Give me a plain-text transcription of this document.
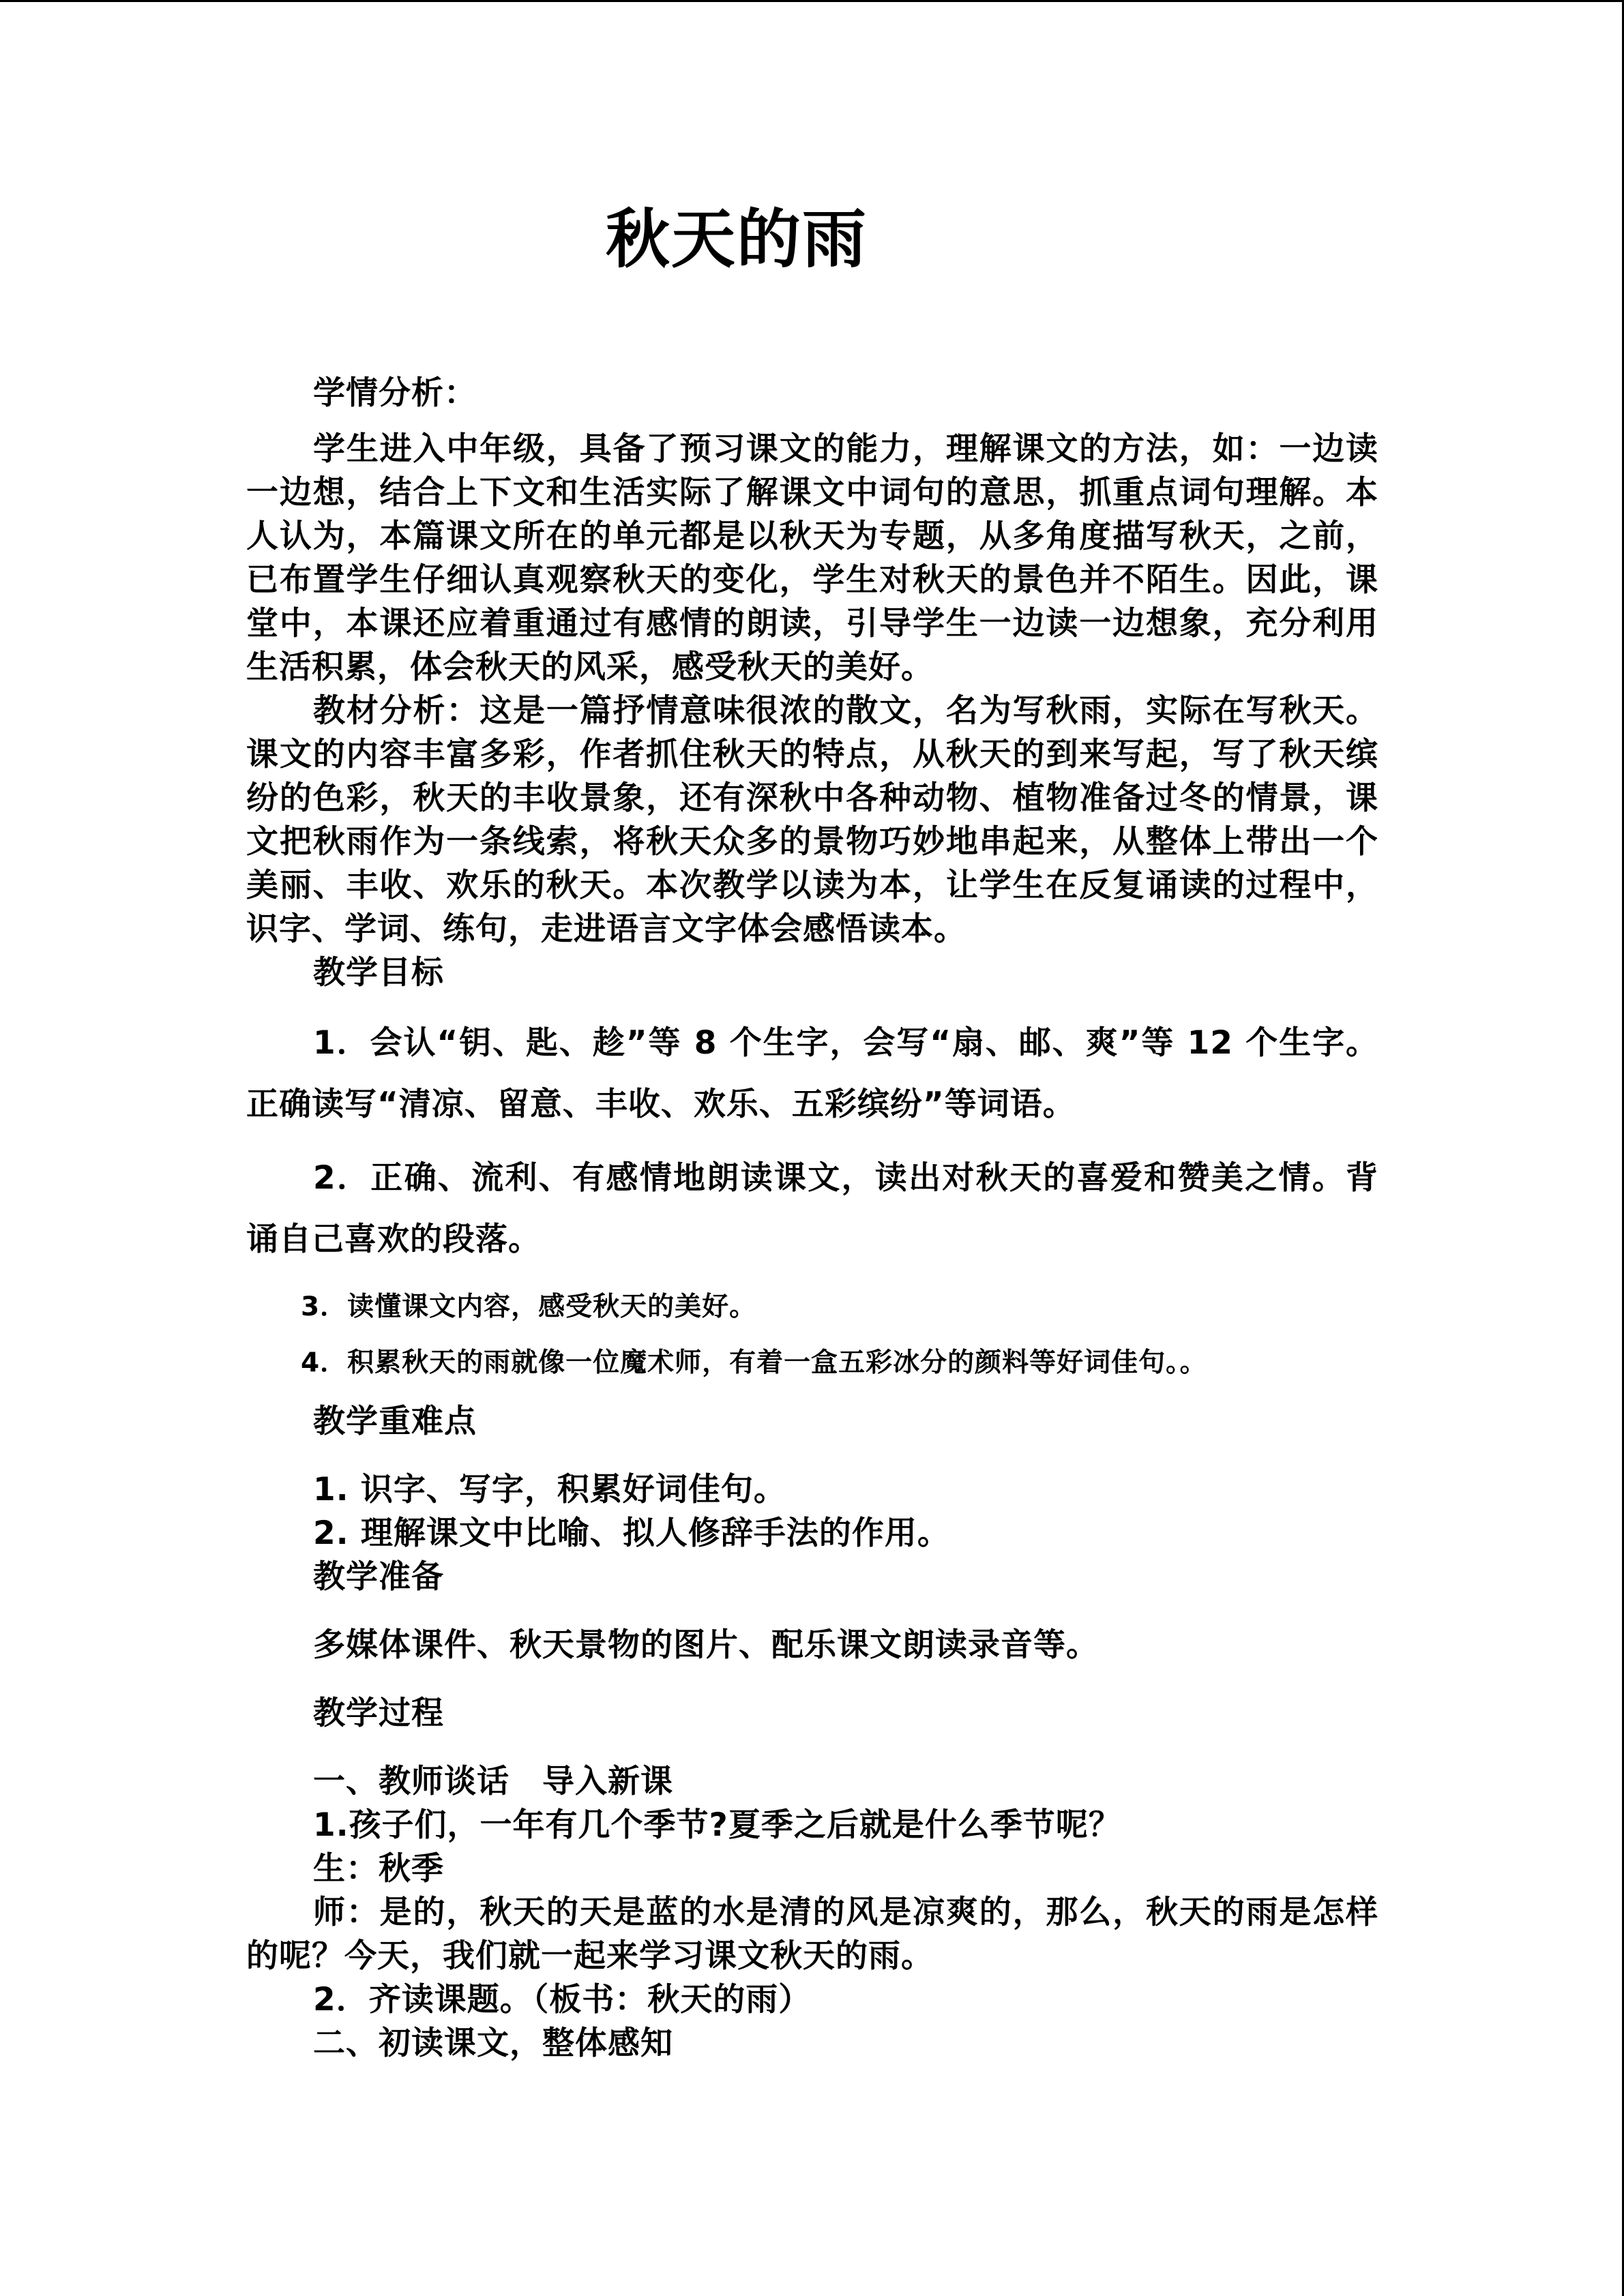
秋天的雨

学情分析：

学生进入中年级，具备了预习课文的能力，理解课文的方法，如：一边读一边想，结合上下文和生活实际了解课文中词句的意思，抓重点词句理解。本人认为，本篇课文所在的单元都是以秋天为专题，从多角度描写秋天，之前，已布置学生仔细认真观察秋天的变化，学生对秋天的景色并不陌生。因此，课堂中，本课还应着重通过有感情的朗读，引导学生一边读一边想象，充分利用生活积累，体会秋天的风采，感受秋天的美好。

教材分析：这是一篇抒情意味很浓的散文，名为写秋雨，实际在写秋天。课文的内容丰富多彩，作者抓住秋天的特点，从秋天的到来写起，写了秋天缤纷的色彩，秋天的丰收景象，还有深秋中各种动物、植物准备过冬的情景，课文把秋雨作为一条线索，将秋天众多的景物巧妙地串起来，从整体上带出一个美丽、丰收、欢乐的秋天。本次教学以读为本，让学生在反复诵读的过程中，识字、学词、练句，走进语言文字体会感悟读本。

教学目标

1．会认“钥、匙、趁”等 8 个生字，会写“扇、邮、爽”等 12 个生字。正确读写“清凉、留意、丰收、欢乐、五彩缤纷”等词语。

2．正确、流利、有感情地朗读课文，读出对秋天的喜爱和赞美之情。背诵自己喜欢的段落。

3．读懂课文内容，感受秋天的美好。

4．积累秋天的雨就像一位魔术师，有着一盒五彩冰分的颜料等好词佳句。。

教学重难点

1. 识字、写字，积累好词佳句。

2. 理解课文中比喻、拟人修辞手法的作用。

教学准备

多媒体课件、秋天景物的图片、配乐课文朗读录音等。

教学过程

一、教师谈话　导入新课

1.孩子们，一年有几个季节?夏季之后就是什么季节呢？

生：秋季

师：是的，秋天的天是蓝的水是清的风是凉爽的，那么，秋天的雨是怎样的呢？今天，我们就一起来学习课文秋天的雨。

2．齐读课题。（板书：秋天的雨）

二、初读课文，整体感知
